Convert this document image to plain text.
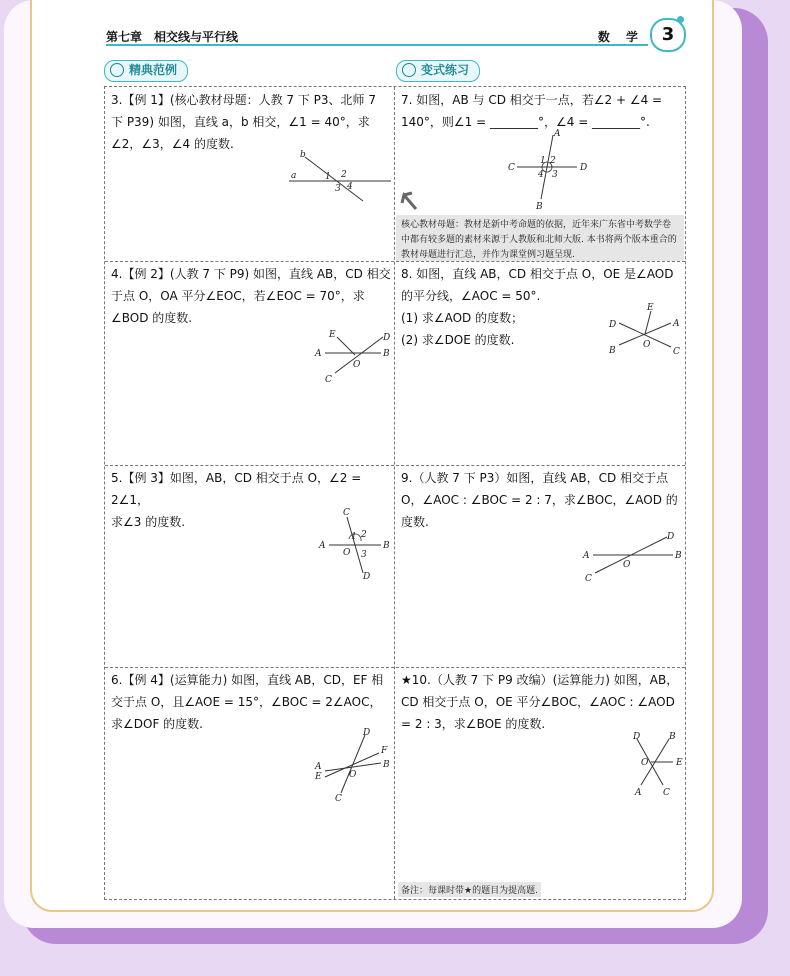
第七章　相交线与平行线	数 学 3
精典范例	变式练习
3.【例 1】(核心教材母题：人教 7 下 P3、北师 7
下 P39) 如图，直线 a，b 相交，∠1 = 40°，求
∠2，∠3，∠4 的度数.
a
b
1 2
3 4
7. 如图，AB 与 CD 相交于一点，若∠2 + ∠4 =
140°，则∠1 = ________°，∠4 = ________°.
A
B
C	D
1 2
3
4
核心教材母题：教材是新中考命题的依据，近年来广东省中考数学卷中都有较多题的素材来源于人教版和北师大版. 本书将两个版本重合的教材母题进行汇总，并作为课堂例习题呈现.
4.【例 2】(人教 7 下 P9) 如图，直线 AB，CD 相交
于点 O，OA 平分∠EOC，若∠EOC = 70°，求
∠BOD 的度数.
A	B
C
D
E
O
8. 如图，直线 AB，CD 相交于点 O，OE 是∠AOD
的平分线，∠AOC = 50°.
(1) 求∠AOD 的度数；
(2) 求∠DOE 的度数.
A
B	C
D
E
O
5.【例 3】如图，AB，CD 相交于点 O，∠2 = 2∠1，
求∠3 的度数.
A	B
C
D
O
1 2
3
9.（人教 7 下 P3）如图，直线 AB，CD 相交于点
O，∠AOC : ∠BOC = 2 : 7，求∠BOC，∠AOD 的
度数.
A	B
C
D
O
6.【例 4】(运算能力) 如图，直线 AB，CD，EF 相
交于点 O，且∠AOE = 15°，∠BOC = 2∠AOC，
求∠DOF 的度数.
A	B
C
D
E
F
O
★10.（人教 7 下 P9 改编）(运算能力) 如图，AB，
CD 相交于点 O，OE 平分∠BOC，∠AOC : ∠AOD
= 2 : 3，求∠BOE 的度数.
A
B
C
D
E
O
备注：每课时带★的题目为提高题.
